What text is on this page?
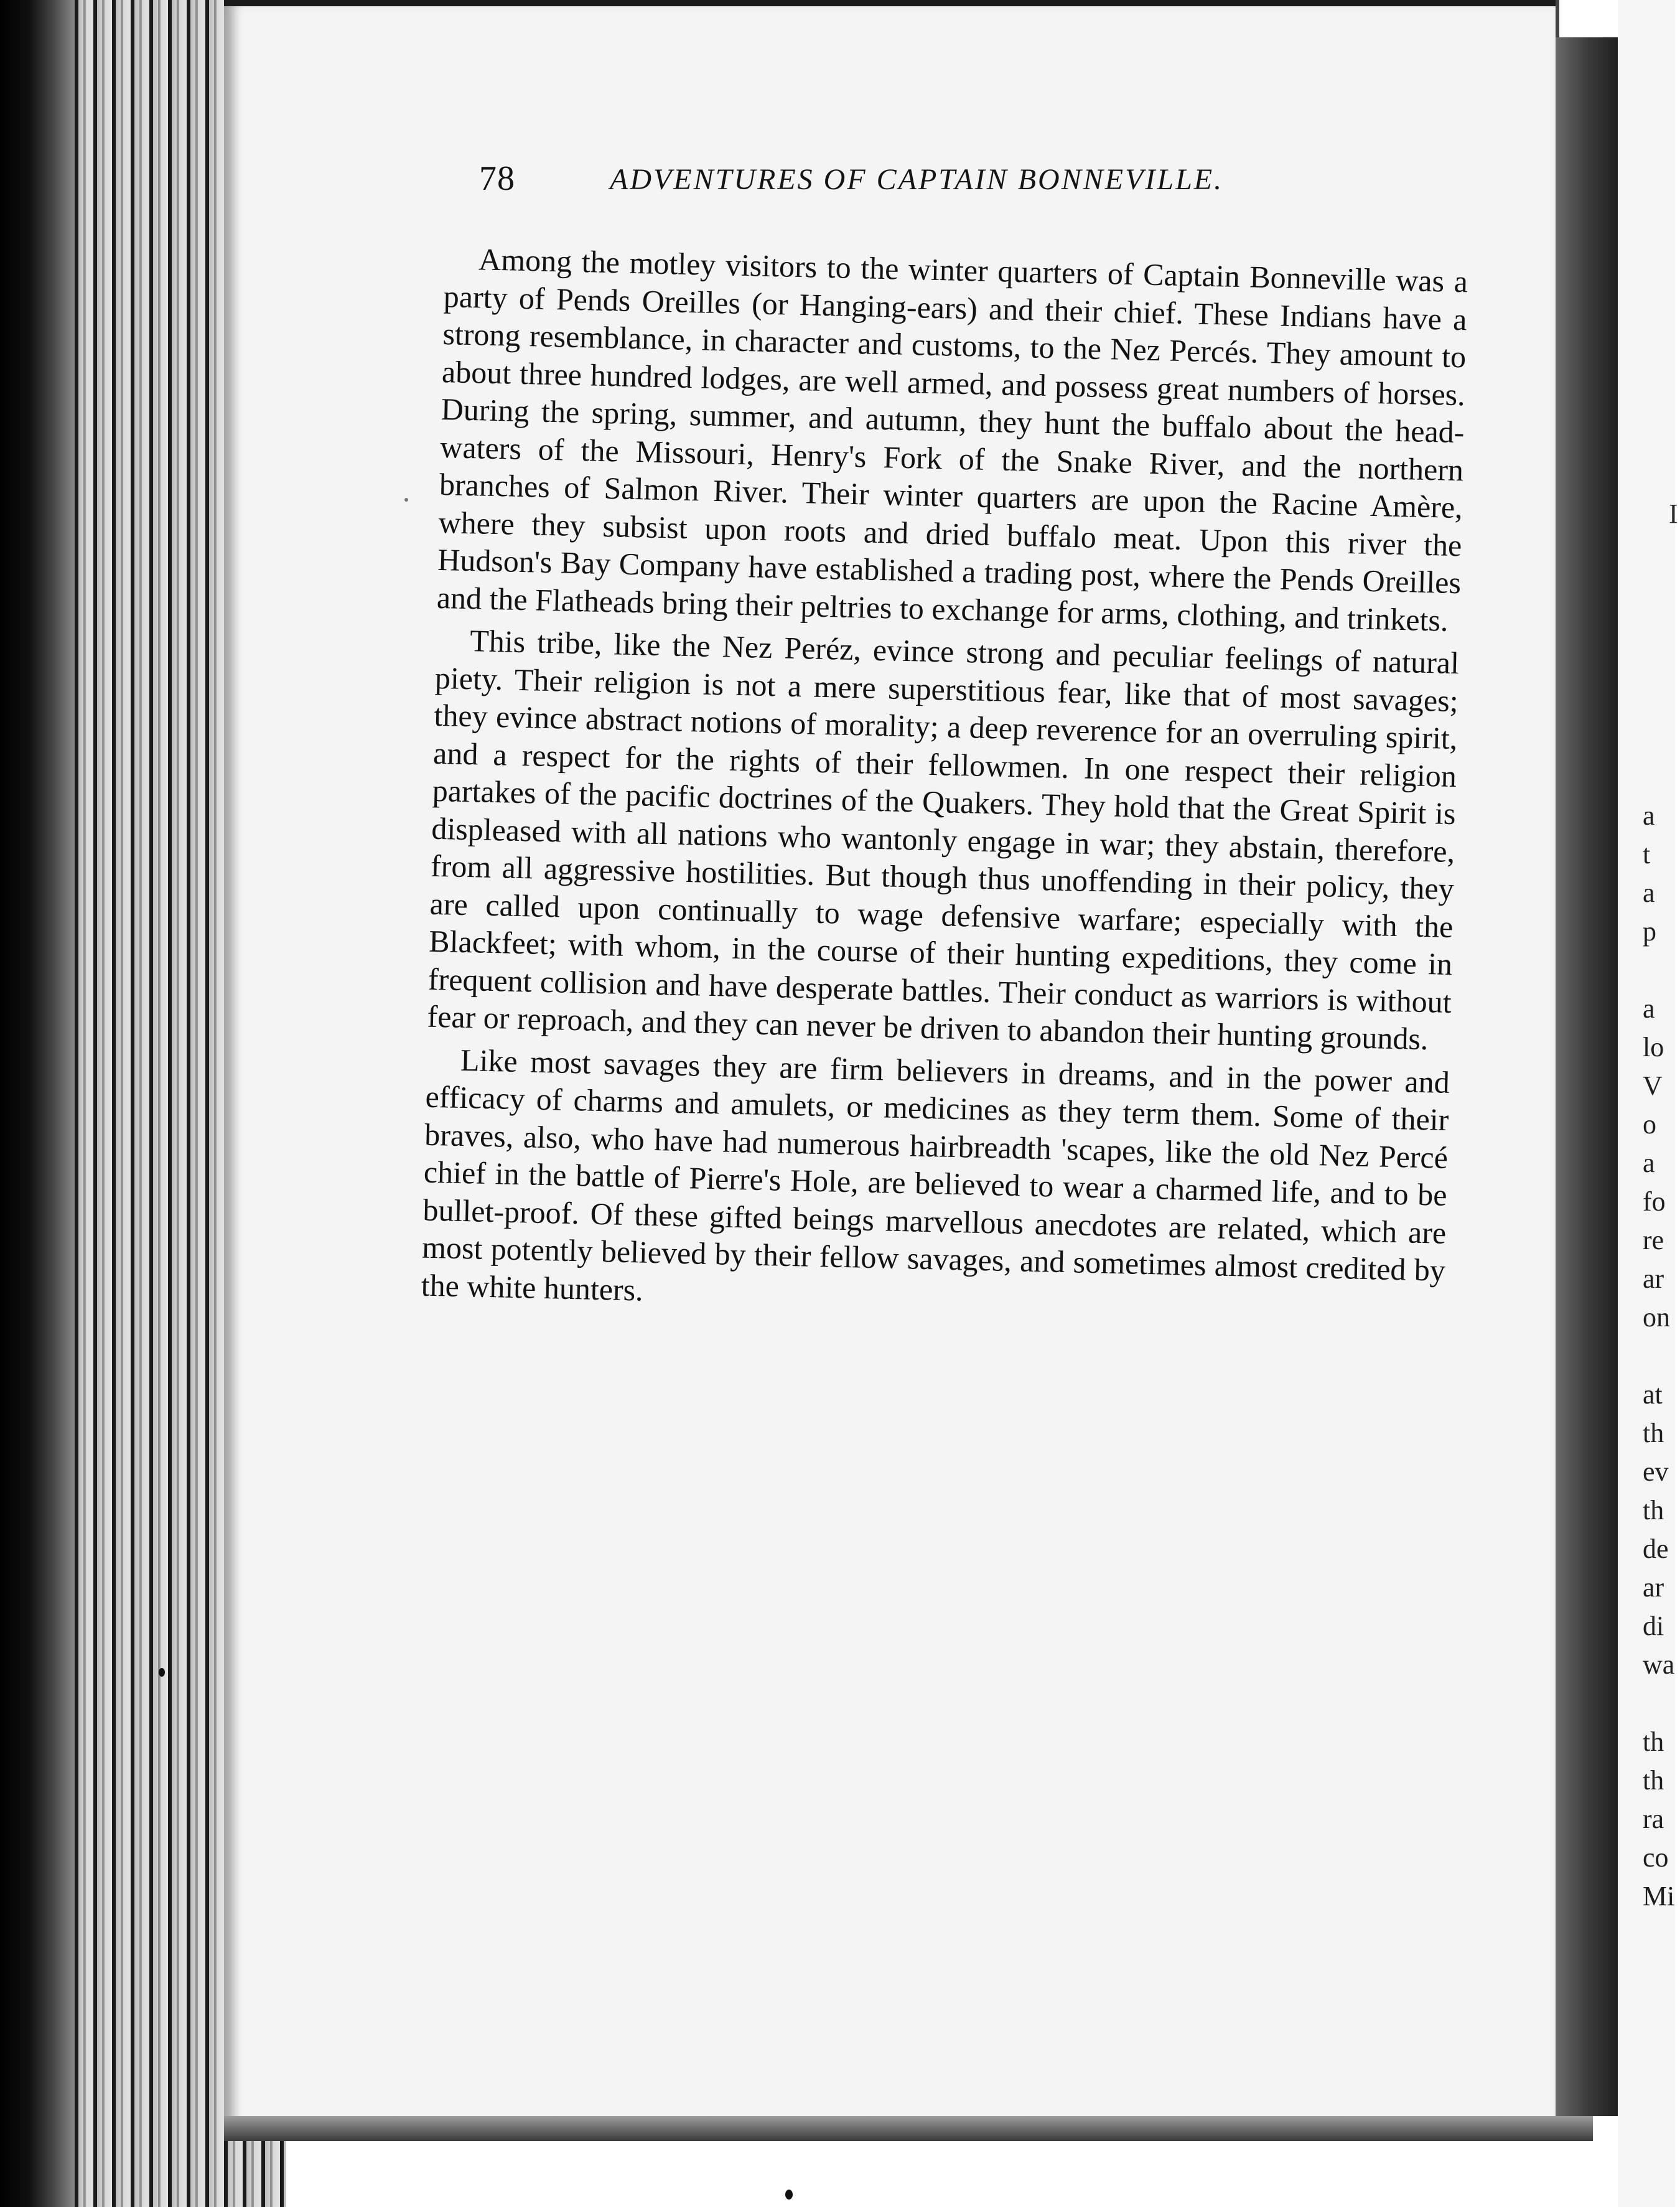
I
a
t
a
p
a
lo
V
o
a
fo
re
ar
on
at
th
ev
th
de
ar
di
wa
th
th
ra
co
Mi
78	ADVENTURES OF CAPTAIN BONNEVILLE.

Among the motley visitors to the winter quarters of Captain Bonneville was a party of Pends Oreilles (or Hanging-ears) and their chief. These Indians have a strong resemblance, in character and customs, to the Nez Percés. They amount to about three hundred lodges, are well armed, and possess great numbers of horses. During the spring, summer, and autumn, they hunt the buffalo about the head-waters of the Missouri, Henry's Fork of the Snake River, and the northern branches of Salmon River. Their winter quarters are upon the Racine Amère, where they subsist upon roots and dried buffalo meat. Upon this river the Hudson's Bay Company have established a trading post, where the Pends Oreilles and the Flatheads bring their peltries to exchange for arms, clothing, and trinkets.

This tribe, like the Nez Peréz, evince strong and peculiar feelings of natural piety. Their religion is not a mere superstitious fear, like that of most savages; they evince abstract notions of morality; a deep reverence for an overruling spirit, and a respect for the rights of their fellowmen. In one respect their religion partakes of the pacific doctrines of the Quakers. They hold that the Great Spirit is displeased with all nations who wantonly engage in war; they abstain, therefore, from all aggressive hostilities. But though thus unoffending in their policy, they are called upon continually to wage defensive warfare; especially with the Blackfeet; with whom, in the course of their hunting expeditions, they come in frequent collision and have desperate battles. Their conduct as warriors is without fear or reproach, and they can never be driven to abandon their hunting grounds.

Like most savages they are firm believers in dreams, and in the power and efficacy of charms and amulets, or medicines as they term them. Some of their braves, also, who have had numerous hairbreadth 'scapes, like the old Nez Percé chief in the battle of Pierre's Hole, are believed to wear a charmed life, and to be bullet-proof. Of these gifted beings marvellous anecdotes are related, which are most potently believed by their fellow savages, and sometimes almost credited by the white hunters.
